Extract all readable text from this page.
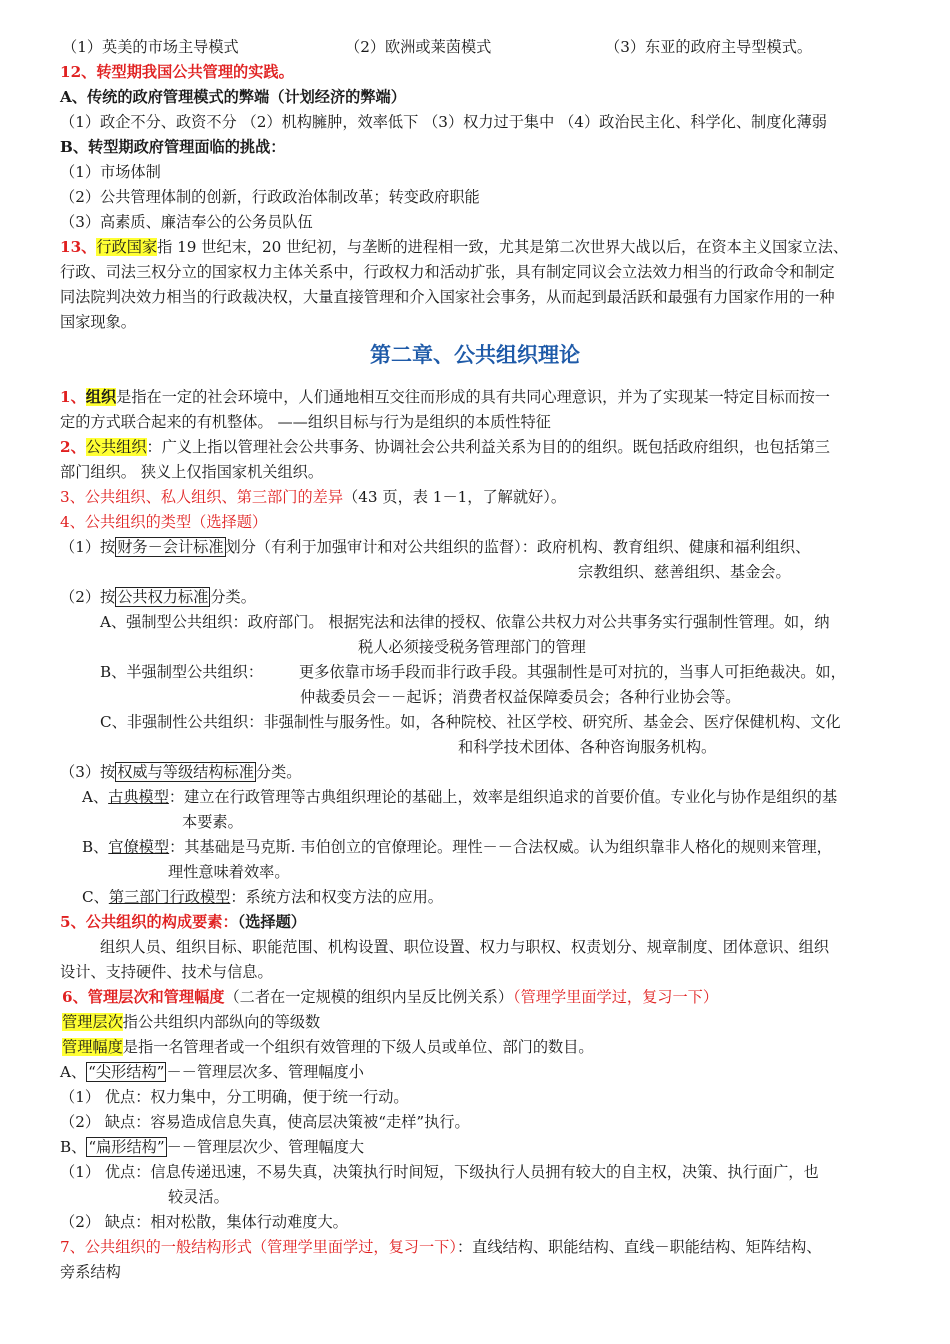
（1）英美的市场主导模式	（2）欧洲或莱茵模式	（3）东亚的政府主导型模式。
12、转型期我国公共管理的实践。
A、传统的政府管理模式的弊端（计划经济的弊端）
（1）政企不分、政资不分 （2）机构臃肿，效率低下 （3）权力过于集中 （4）政治民主化、科学化、制度化薄弱
B、转型期政府管理面临的挑战：
（1）市场体制
（2）公共管理体制的创新，行政政治体制改革；转变政府职能
（3）高素质、廉洁奉公的公务员队伍
13、行政国家指 19 世纪末，20 世纪初，与垄断的进程相一致，尤其是第二次世界大战以后，在资本主义国家立法、
行政、司法三权分立的国家权力主体关系中，行政权力和活动扩张，具有制定同议会立法效力相当的行政命令和制定
同法院判决效力相当的行政裁决权，大量直接管理和介入国家社会事务，从而起到最活跃和最强有力国家作用的一种
国家现象。
第二章、公共组织理论
1、组织是指在一定的社会环境中，人们通地相互交往而形成的具有共同心理意识，并为了实现某一特定目标而按一
定的方式联合起来的有机整体。 ——组织目标与行为是组织的本质性特征
2、公共组织：广义上指以管理社会公共事务、协调社会公共利益关系为目的的组织。既包括政府组织，也包括第三
部门组织。 狭义上仅指国家机关组织。
3、公共组织、私人组织、第三部门的差异（43 页，表 1－1，了解就好）。
4、公共组织的类型（选择题）
（1）按 财务－会计标准 划分（有利于加强审计和对公共组织的监督）：政府机构、教育组织、健康和福利组织、
宗教组织、慈善组织、基金会。
（2）按 公共权力标准 分类。
A、强制型公共组织：政府部门。 根据宪法和法律的授权、依靠公共权力对公共事务实行强制性管理。如，纳
税人必须接受税务管理部门的管理
B、半强制型公共组织： 更多依靠市场手段而非行政手段。其强制性是可对抗的，当事人可拒绝裁决。如，
仲裁委员会－－起诉；消费者权益保障委员会；各种行业协会等。
C、非强制性公共组织：非强制性与服务性。如，各种院校、社区学校、研究所、基金会、医疗保健机构、文化
和科学技术团体、各种咨询服务机构。
（3）按 权威与等级结构标准 分类。
A、古典模型：建立在行政管理等古典组织理论的基础上，效率是组织追求的首要价值。专业化与协作是组织的基
本要素。
B、官僚模型：其基础是马克斯. 韦伯创立的官僚理论。理性－－合法权威。认为组织靠非人格化的规则来管理，
理性意味着效率。
C、第三部门行政模型：系统方法和权变方法的应用。
5、公共组织的构成要素：（选择题）
组织人员、组织目标、职能范围、机构设置、职位设置、权力与职权、权责划分、规章制度、团体意识、组织
设计、支持硬件、技术与信息。
6、管理层次和管理幅度（二者在一定规模的组织内呈反比例关系）（管理学里面学过，复习一下）
管理层次指公共组织内部纵向的等级数
管理幅度是指一名管理者或一个组织有效管理的下级人员或单位、部门的数目。
A、 “尖形结构” －－管理层次多、管理幅度小
（1） 优点：权力集中，分工明确，便于统一行动。
（2） 缺点：容易造成信息失真，使高层决策被“走样”执行。
B、 “扁形结构” －－管理层次少、管理幅度大
（1） 优点：信息传递迅速，不易失真，决策执行时间短，下级执行人员拥有较大的自主权，决策、执行面广，也
较灵活。
（2） 缺点：相对松散，集体行动难度大。
7、公共组织的一般结构形式（管理学里面学过，复习一下）：直线结构、职能结构、直线－职能结构、矩阵结构、
旁系结构
